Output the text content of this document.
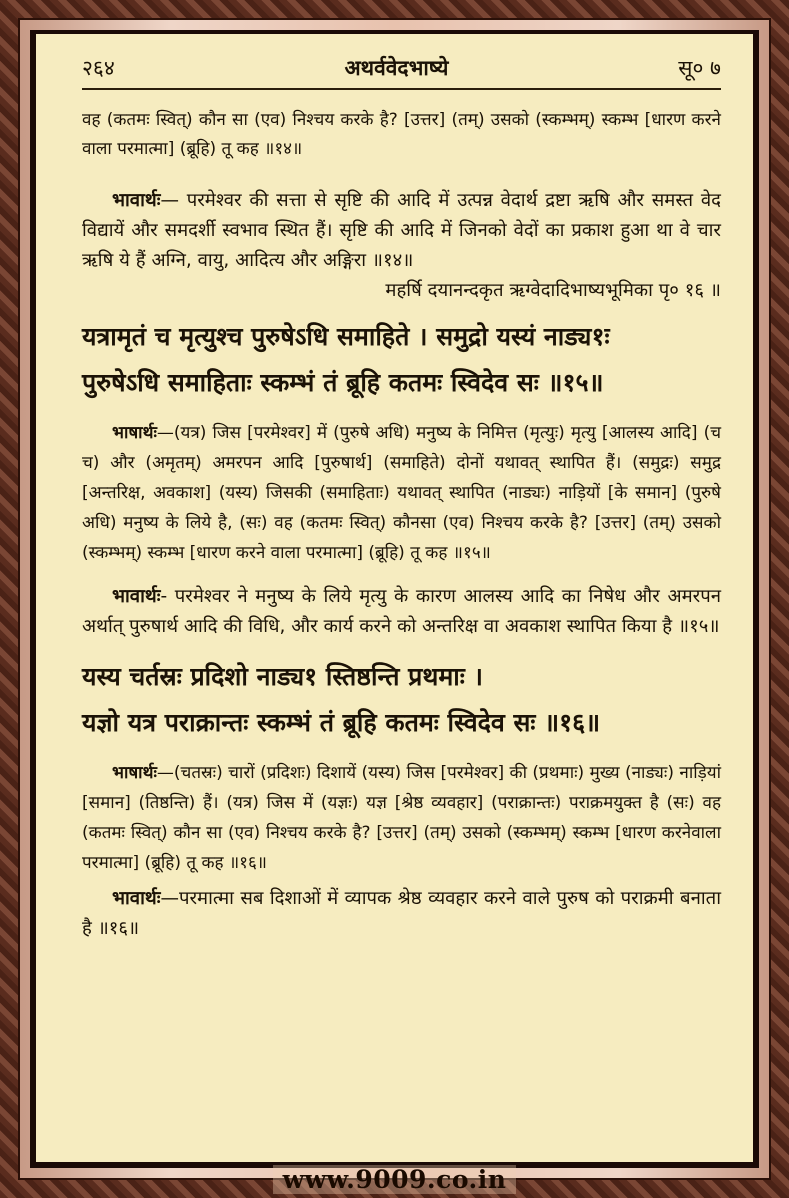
२६४	अथर्ववेदभाष्ये	सू० ७

वह (कतमः स्वित्) कौन सा (एव) निश्चय करके है? [उत्तर] (तम्) उसको (स्कम्भम्) स्कम्भ [धारण करने वाला परमात्मा] (ब्रूहि) तू कह ॥१४॥

भावार्थः— परमेश्वर की सत्ता से सृष्टि की आदि में उत्पन्न वेदार्थ द्रष्टा ऋषि और समस्त वेद विद्यायें और समदर्शी स्वभाव स्थित हैं। सृष्टि की आदि में जिनको वेदों का प्रकाश हुआ था वे चार ऋषि ये हैं अग्नि, वायु, आदित्य और अङ्गिरा ॥१४॥

महर्षि दयानन्दकृत ऋग्वेदादिभाष्यभूमिका पृ० १६ ॥

यत्रामृतं च मृत्युश्च पुरुषेऽधि समाहिते । समुद्रो यस्यं नाड्य१ः

पुरुषेऽधि समाहिताः स्कम्भं तं ब्रूहि कतमः स्विदेव सः ॥१५॥

भाषार्थः—(यत्र) जिस [परमेश्वर] में (पुरुषे अधि) मनुष्य के निमित्त (मृत्युः) मृत्यु [आलस्य आदि] (च च) और (अमृतम्) अमरपन आदि [पुरुषार्थ] (समाहिते) दोनों यथावत् स्थापित हैं। (समुद्रः) समुद्र [अन्तरिक्ष, अवकाश] (यस्य) जिसकी (समाहिताः) यथावत् स्थापित (नाड्यः) नाड़ियों [के समान] (पुरुषे अधि) मनुष्य के लिये है, (सः) वह (कतमः स्वित्) कौनसा (एव) निश्चय करके है? [उत्तर] (तम्) उसको (स्कम्भम्) स्कम्भ [धारण करने वाला परमात्मा] (ब्रूहि) तू कह ॥१५॥

भावार्थः- परमेश्वर ने मनुष्य के लिये मृत्यु के कारण आलस्य आदि का निषेध और अमरपन अर्थात् पुरुषार्थ आदि की विधि, और कार्य करने को अन्तरिक्ष वा अवकाश स्थापित किया है ॥१५॥

यस्य चर्तस्रः प्रदिशो नाड्य१ स्तिष्ठन्ति प्रथमाः ।

यज्ञो यत्र पराक्रान्तः स्कम्भं तं ब्रूहि कतमः स्विदेव सः ॥१६॥

भाषार्थः—(चतस्रः) चारों (प्रदिशः) दिशायें (यस्य) जिस [परमेश्वर] की (प्रथमाः) मुख्य (नाड्यः) नाड़ियां [समान] (तिष्ठन्ति) हैं। (यत्र) जिस में (यज्ञः) यज्ञ [श्रेष्ठ व्यवहार] (पराक्रान्तः) पराक्रमयुक्त है (सः) वह (कतमः स्वित्) कौन सा (एव) निश्चय करके है? [उत्तर] (तम्) उसको (स्कम्भम्) स्कम्भ [धारण करनेवाला परमात्मा] (ब्रूहि) तू कह ॥१६॥

भावार्थः—परमात्मा सब दिशाओं में व्यापक श्रेष्ठ व्यवहार करने वाले पुरुष को पराक्रमी बनाता है ॥१६॥

www.9009.co.in
